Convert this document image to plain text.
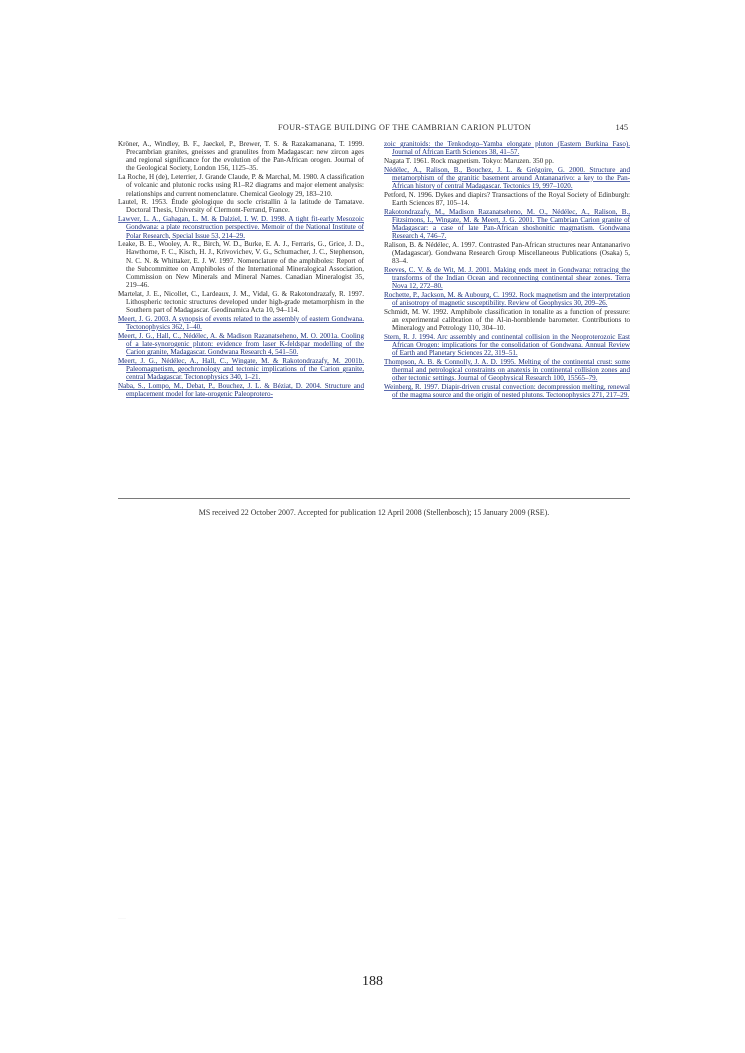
FOUR-STAGE BUILDING OF THE CAMBRIAN CARION PLUTON	145

Kröner, A., Windley, B. F., Jaeckel, P., Brewer, T. S. & Razakamanana, T. 1999. Precambrian granites, gneisses and granulites from Madagascar: new zircon ages and regional significance for the evolution of the Pan-African orogen. Journal of the Geological Society, London 156, 1125–35.

La Roche, H (de), Leterrier, J. Grande Claude, P. & Marchal, M. 1980. A classification of volcanic and plutonic rocks using R1–R2 diagrams and major element analysis: relationships and current nomenclature. Chemical Geology 29, 183–210.

Lautel, R. 1953. Étude géologique du socle cristallin à la latitude de Tamatave. Doctoral Thesis, University of Clermont-Ferrand, France.

Lawver, L. A., Gahagan, L. M. & Dalziel, I. W. D. 1998. A tight fit-early Mesozoic Gondwana: a plate reconstruction perspective. Memoir of the National Institute of Polar Research, Special Issue 53, 214–29.

Leake, B. E., Wooley, A. R., Birch, W. D., Burke, E. A. J., Ferraris, G., Grice, J. D., Hawthorne, F. C., Kisch, H. J., Krivovichev, V. G., Schumacher, J. C., Stephenson, N. C. N. & Whittaker, E. J. W. 1997. Nomenclature of the amphiboles: Report of the Subcommittee on Amphiboles of the International Mineralogical Association, Commission on New Minerals and Mineral Names. Canadian Mineralogist 35, 219–46.

Martelat, J. E., Nicollet, C., Lardeaux, J. M., Vidal, G. & Rakotondrazafy, R. 1997. Lithospheric tectonic structures developed under high-grade metamorphism in the Southern part of Madagascar. Geodinamica Acta 10, 94–114.

Meert, J. G. 2003. A synopsis of events related to the assembly of eastern Gondwana. Tectonophysics 362, 1–40.

Meert, J. G., Hall, C., Nédélec, A. & Madison Razanatseheno, M. O. 2001a. Cooling of a late-synorogenic pluton: evidence from laser K-feldspar modelling of the Carion granite, Madagascar. Gondwana Research 4, 541–50.

Meert, J. G., Nédélec, A., Hall, C., Wingate, M. & Rakotondrazafy, M. 2001b. Paleomagnetism, geochronology and tectonic implications of the Carion granite, central Madagascar. Tectonophysics 340, 1–21.

Naba, S., Lompo, M., Debat, P., Bouchez, J. L. & Béziat, D. 2004. Structure and emplacement model for late-orogenic Paleoprotero-

zoic granitoids: the Tenkodogo–Yamba elongate pluton (Eastern Burkina Faso). Journal of African Earth Sciences 38, 41–57.

Nagata T. 1961. Rock magnetism. Tokyo: Maruzen. 350 pp.

Nédélec, A., Ralison, B., Bouchez, J. L. & Grégoire, G. 2000. Structure and metamorphism of the granitic basement around Antananarivo: a key to the Pan-African history of central Madagascar. Tectonics 19, 997–1020.

Petford, N. 1996. Dykes and diapirs? Transactions of the Royal Society of Edinburgh: Earth Sciences 87, 105–14.

Rakotondrazafy, M., Madison Razanatseheno, M. O., Nédélec, A., Ralison, B., Fitzsimons, I., Wingate, M. & Meert, J. G. 2001. The Cambrian Carion granite of Madagascar: a case of late Pan-African shoshonitic magmatism. Gondwana Research 4, 746–7.

Ralison, B. & Nédélec, A. 1997. Contrasted Pan-African structures near Antananarivo (Madagascar). Gondwana Research Group Miscellaneous Publications (Osaka) 5, 83–4.

Reeves, C. V. & de Wit, M. J. 2001. Making ends meet in Gondwana: retracing the transforms of the Indian Ocean and reconnecting continental shear zones. Terra Nova 12, 272–80.

Rochette, P., Jackson, M. & Aubourg, C. 1992. Rock magnetism and the interpretation of anisotropy of magnetic susceptibility. Review of Geophysics 30, 209–26.

Schmidt, M. W. 1992. Amphibole classification in tonalite as a function of pressure: an experimental calibration of the Al-in-hornblende barometer. Contributions to Mineralogy and Petrology 110, 304–10.

Stern, R. J. 1994. Arc assembly and continental collision in the Neoproterozoic East African Orogen: implications for the consolidation of Gondwana. Annual Review of Earth and Planetary Sciences 22, 319–51.

Thompson, A. B. & Connolly, J. A. D. 1995. Melting of the continental crust: some thermal and petrological constraints on anatexis in continental collision zones and other tectonic settings. Journal of Geophysical Research 100, 15565–79.

Weinberg, R. 1997. Diapir-driven crustal convection: decompression melting, renewal of the magma source and the origin of nested plutons. Tectonophysics 271, 217–29.

MS received 22 October 2007. Accepted for publication 12 April 2008 (Stellenbosch); 15 January 2009 (RSE).
········
188
